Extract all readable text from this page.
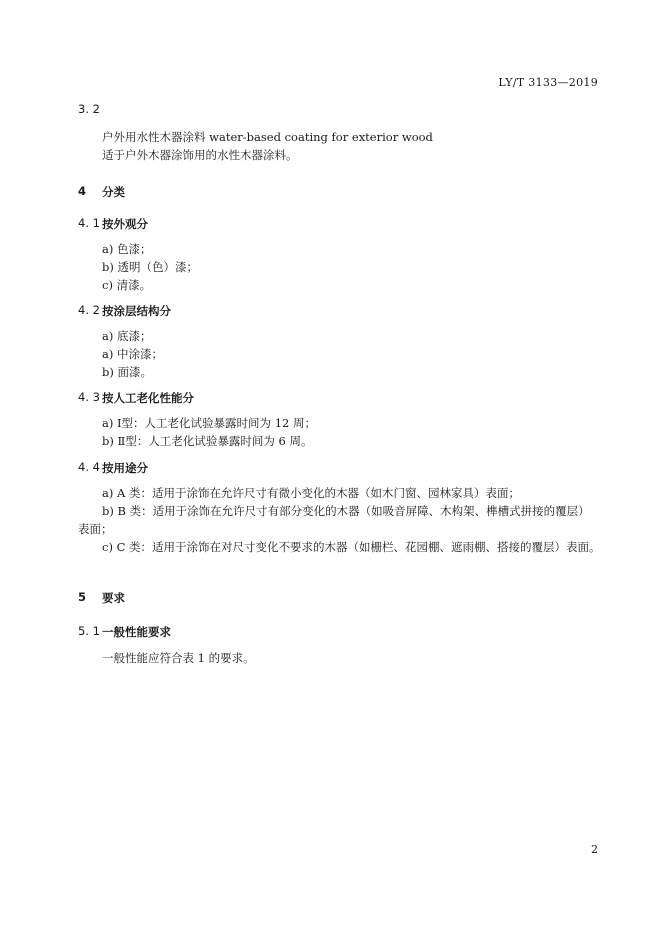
LY/T 3133—2019
3. 2
户外用水性木器涂料 water-based coating for exterior wood
适于户外木器涂饰用的水性木器涂料。
4 分类
4. 1 按外观分
a) 色漆；
b) 透明（色）漆；
c) 清漆。
4. 2 按涂层结构分
a) 底漆；
a) 中涂漆；
b) 面漆。
4. 3 按人工老化性能分
a) Ⅰ型：人工老化试验暴露时间为 12 周；
b) Ⅱ型：人工老化试验暴露时间为 6 周。
4. 4 按用途分
a) A 类：适用于涂饰在允许尺寸有微小变化的木器（如木门窗、园林家具）表面；
b) B 类：适用于涂饰在允许尺寸有部分变化的木器（如吸音屏障、木构架、榫槽式拼接的覆层）
表面；
c) C 类：适用于涂饰在对尺寸变化不要求的木器（如栅栏、花园棚、遮雨棚、搭接的覆层）表面。
5 要求
5. 1 一般性能要求
一般性能应符合表 1 的要求。
2
